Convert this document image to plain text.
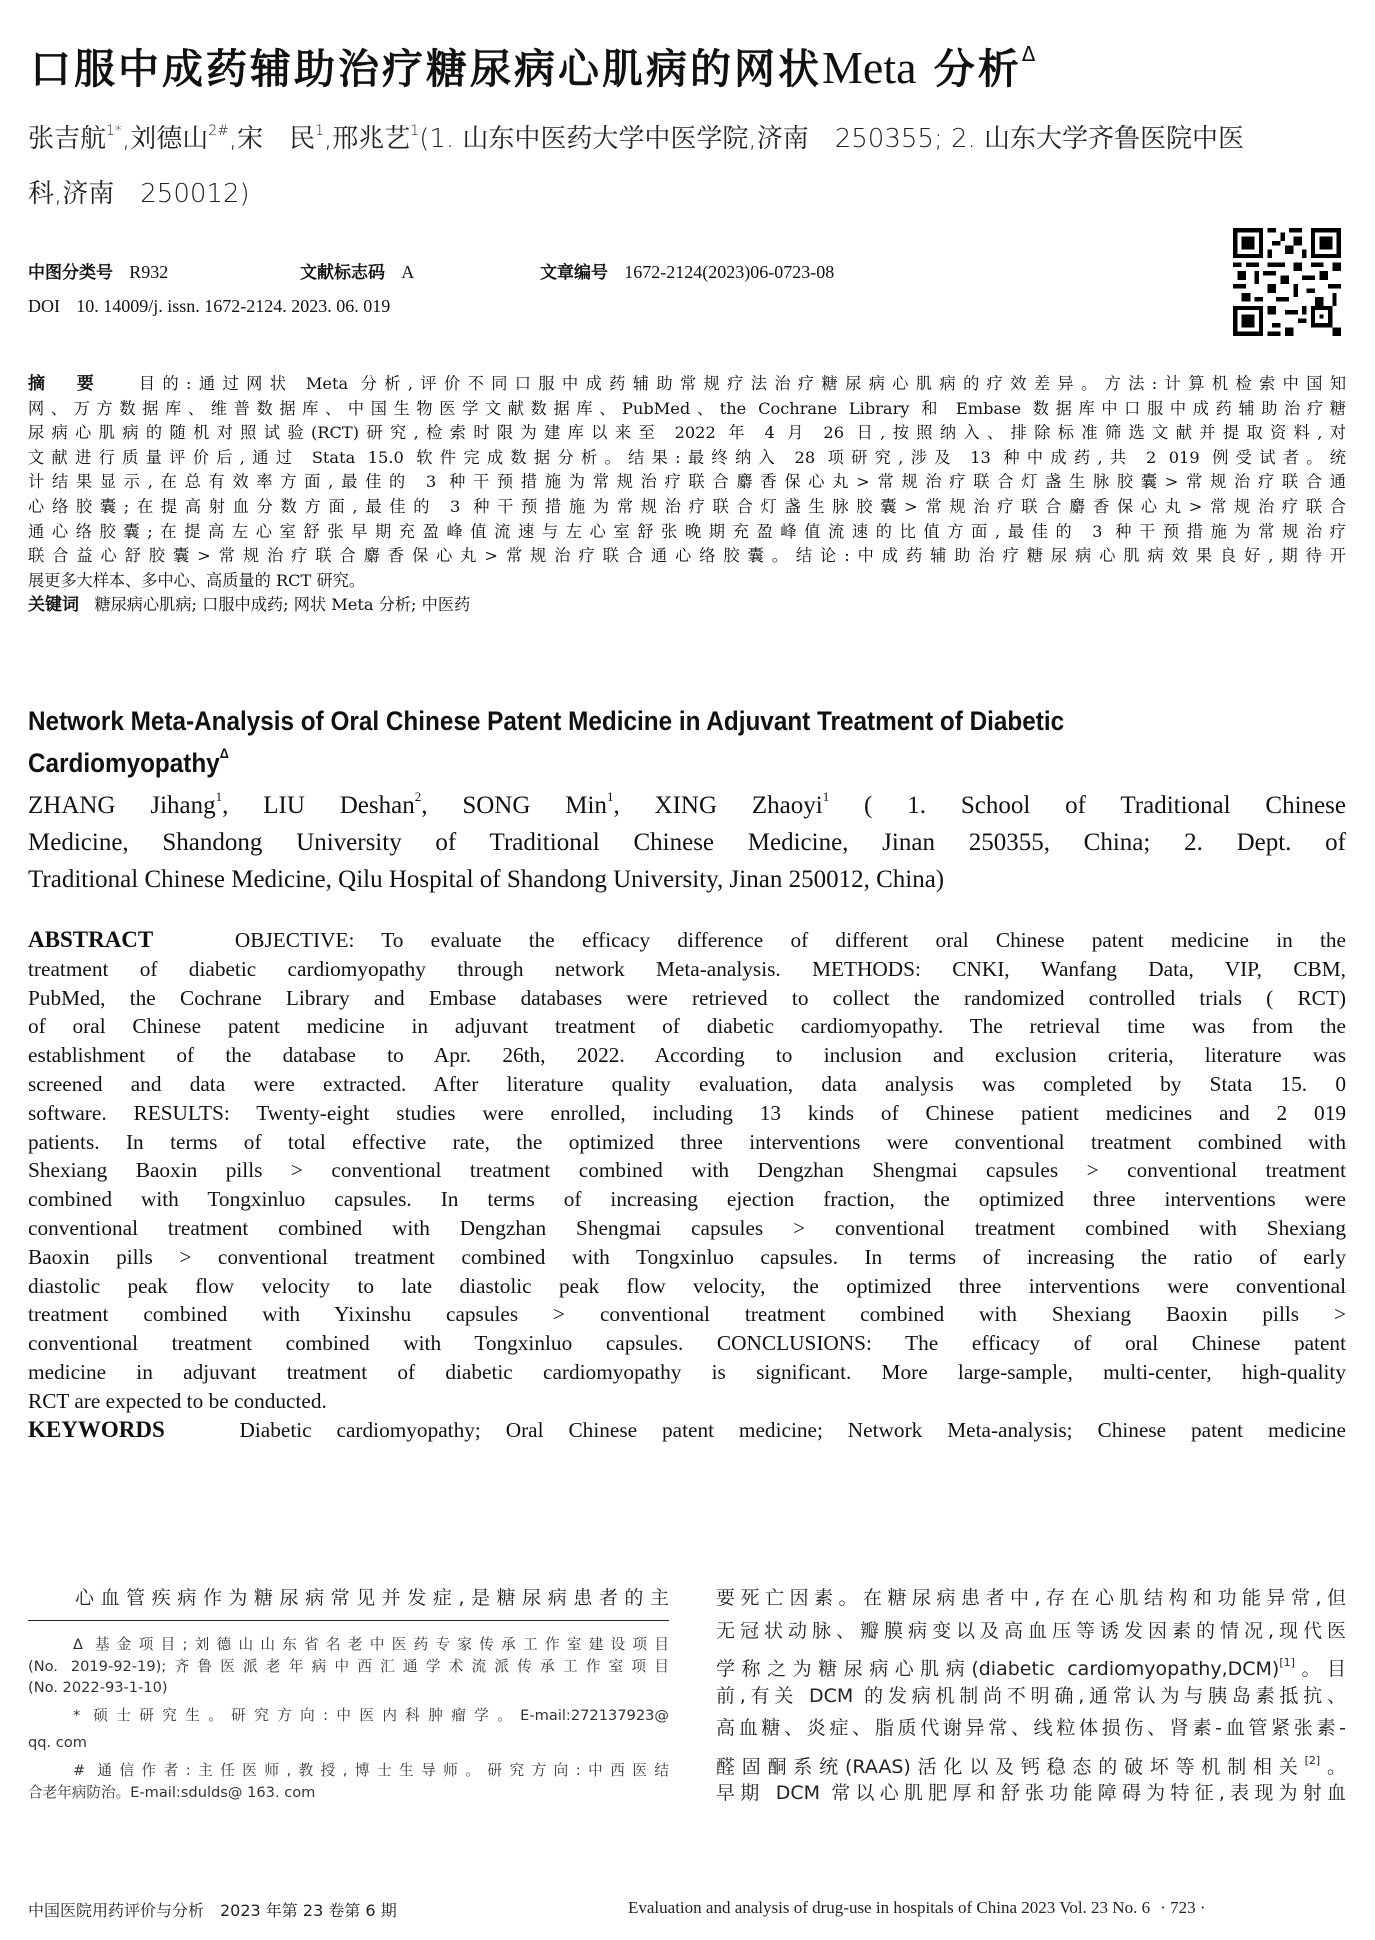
口服中成药辅助治疗糖尿病心肌病的网状Meta 分析$^\Delta$
张吉航$^{1*}$,刘德山$^{2\#}$,宋　民$^1$,邢兆艺$^1$(1. 山东中医药大学中医学院,济南　250355; 2. 山东大学齐鲁医院中医
科,济南　250012)
中图分类号 R932	文献标志码 A	文章编号 1672-2124(2023)06-0723-08
DOI 10. 14009/j. issn. 1672-2124. 2023. 06. 019
摘　要 目的:通过网状 Meta 分析,评价不同口服中成药辅助常规疗法治疗糖尿病心肌病的疗效差异。方法:计算机检索中国知
网、万方数据库、维普数据库、中国生物医学文献数据库、PubMed、the Cochrane Library 和 Embase 数据库中口服中成药辅助治疗糖
尿病心肌病的随机对照试验(RCT)研究,检索时限为建库以来至 2022 年 4 月 26 日,按照纳入、排除标准筛选文献并提取资料,对
文献进行质量评价后,通过 Stata 15.0 软件完成数据分析。结果:最终纳入 28 项研究,涉及 13 种中成药,共 2 019 例受试者。统
计结果显示,在总有效率方面,最佳的 3 种干预措施为常规治疗联合麝香保心丸>常规治疗联合灯盏生脉胶囊>常规治疗联合通
心络胶囊;在提高射血分数方面,最佳的 3 种干预措施为常规治疗联合灯盏生脉胶囊>常规治疗联合麝香保心丸>常规治疗联合
通心络胶囊;在提高左心室舒张早期充盈峰值流速与左心室舒张晚期充盈峰值流速的比值方面,最佳的 3 种干预措施为常规治疗
联合益心舒胶囊>常规治疗联合麝香保心丸>常规治疗联合通心络胶囊。结论:中成药辅助治疗糖尿病心肌病效果良好,期待开
展更多大样本、多中心、高质量的 RCT 研究。
关键词 糖尿病心肌病; 口服中成药; 网状 Meta 分析; 中医药
Network Meta-Analysis of Oral Chinese Patent Medicine in Adjuvant Treatment of Diabetic
Cardiomyopathy$^\Delta$
ZHANG Jihang$^1$, LIU Deshan$^2$, SONG Min$^1$, XING Zhaoyi$^1$ ( 1. School of Traditional Chinese
Medicine, Shandong University of Traditional Chinese Medicine, Jinan 250355, China; 2. Dept. of
Traditional Chinese Medicine, Qilu Hospital of Shandong University, Jinan 250012, China)
ABSTRACT	OBJECTIVE: To evaluate the efficacy difference of different oral Chinese patent medicine in the
treatment of diabetic cardiomyopathy through network Meta-analysis. METHODS: CNKI, Wanfang Data, VIP, CBM,
PubMed, the Cochrane Library and Embase databases were retrieved to collect the randomized controlled trials ( RCT)
of oral Chinese patent medicine in adjuvant treatment of diabetic cardiomyopathy. The retrieval time was from the
establishment of the database to Apr. 26th, 2022. According to inclusion and exclusion criteria, literature was
screened and data were extracted. After literature quality evaluation, data analysis was completed by Stata 15. 0
software. RESULTS: Twenty-eight studies were enrolled, including 13 kinds of Chinese patient medicines and 2 019
patients. In terms of total effective rate, the optimized three interventions were conventional treatment combined with
Shexiang Baoxin pills > conventional treatment combined with Dengzhan Shengmai capsules > conventional treatment
combined with Tongxinluo capsules. In terms of increasing ejection fraction, the optimized three interventions were
conventional treatment combined with Dengzhan Shengmai capsules > conventional treatment combined with Shexiang
Baoxin pills > conventional treatment combined with Tongxinluo capsules. In terms of increasing the ratio of early
diastolic peak flow velocity to late diastolic peak flow velocity, the optimized three interventions were conventional
treatment combined with Yixinshu capsules > conventional treatment combined with Shexiang Baoxin pills >
conventional treatment combined with Tongxinluo capsules. CONCLUSIONS: The efficacy of oral Chinese patent
medicine in adjuvant treatment of diabetic cardiomyopathy is significant. More large-sample, multi-center, high-quality
RCT are expected to be conducted.
KEYWORDS	Diabetic cardiomyopathy; Oral Chinese patent medicine; Network Meta-analysis; Chinese patent medicine
心血管疾病作为糖尿病常见并发症,是糖尿病患者的主
Δ 基金项目;刘德山山东省名老中医药专家传承工作室建设项目
(No. 2019-92-19);齐鲁医派老年病中西汇通学术流派传承工作室项目
(No. 2022-93-1-10)
* 硕士研究生。研究方向:中医内科肿瘤学。E-mail:272137923@
qq. com
# 通信作者:主任医师,教授,博士生导师。研究方向:中西医结
合老年病防治。E-mail:sdulds@ 163. com
要死亡因素。在糖尿病患者中,存在心肌结构和功能异常,但
无冠状动脉、瓣膜病变以及高血压等诱发因素的情况,现代医
学称之为糖尿病心肌病(diabetic cardiomyopathy,DCM)[1]。目
前,有关 DCM 的发病机制尚不明确,通常认为与胰岛素抵抗、
高血糖、炎症、脂质代谢异常、线粒体损伤、肾素-血管紧张素-
醛固酮系统(RAAS)活化以及钙稳态的破坏等机制相关[2]。
早期 DCM 常以心肌肥厚和舒张功能障碍为特征,表现为射血
中国医院用药评价与分析　2023 年第 23 卷第 6 期	Evaluation and analysis of drug-use in hospitals of China 2023 Vol. 23 No. 6 · 723 ·
